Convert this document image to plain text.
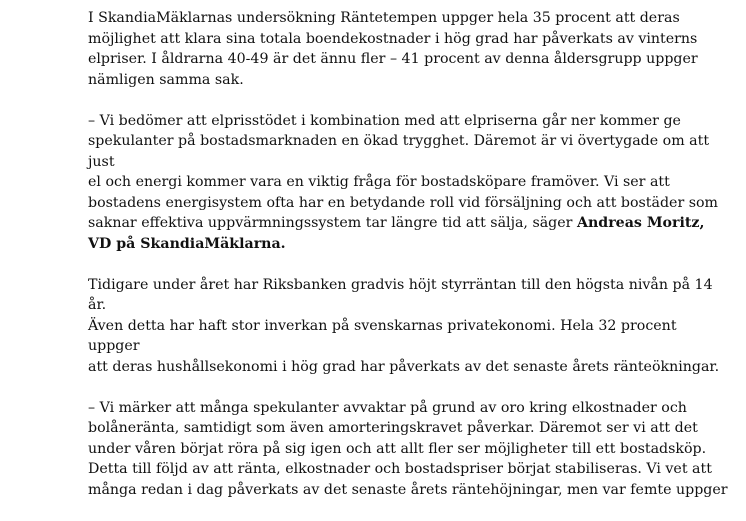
I SkandiaMäklarnas undersökning Räntetempen uppger hela 35 procent att deras
möjlighet att klara sina totala boendekostnader i hög grad har påverkats av vinterns
elpriser. I åldrarna 40-49 är det ännu fler – 41 procent av denna åldersgrupp uppger
nämligen samma sak.

– Vi bedömer att elprisstödet i kombination med att elpriserna går ner kommer ge
spekulanter på bostadsmarknaden en ökad trygghet. Däremot är vi övertygade om att just
el och energi kommer vara en viktig fråga för bostadsköpare framöver. Vi ser att
bostadens energisystem ofta har en betydande roll vid försäljning och att bostäder som
saknar effektiva uppvärmningssystem tar längre tid att sälja, säger Andreas Moritz,
VD på SkandiaMäklarna.

Tidigare under året har Riksbanken gradvis höjt styrräntan till den högsta nivån på 14 år.
Även detta har haft stor inverkan på svenskarnas privatekonomi. Hela 32 procent uppger
att deras hushållsekonomi i hög grad har påverkats av det senaste årets ränteökningar.

– Vi märker att många spekulanter avvaktar på grund av oro kring elkostnader och
bolåneränta, samtidigt som även amorteringskravet påverkar. Däremot ser vi att det
under våren börjat röra på sig igen och att allt fler ser möjligheter till ett bostadsköp.
Detta till följd av att ränta, elkostnader och bostadspriser börjat stabiliseras. Vi vet att
många redan i dag påverkats av det senaste årets räntehöjningar, men var femte uppger
